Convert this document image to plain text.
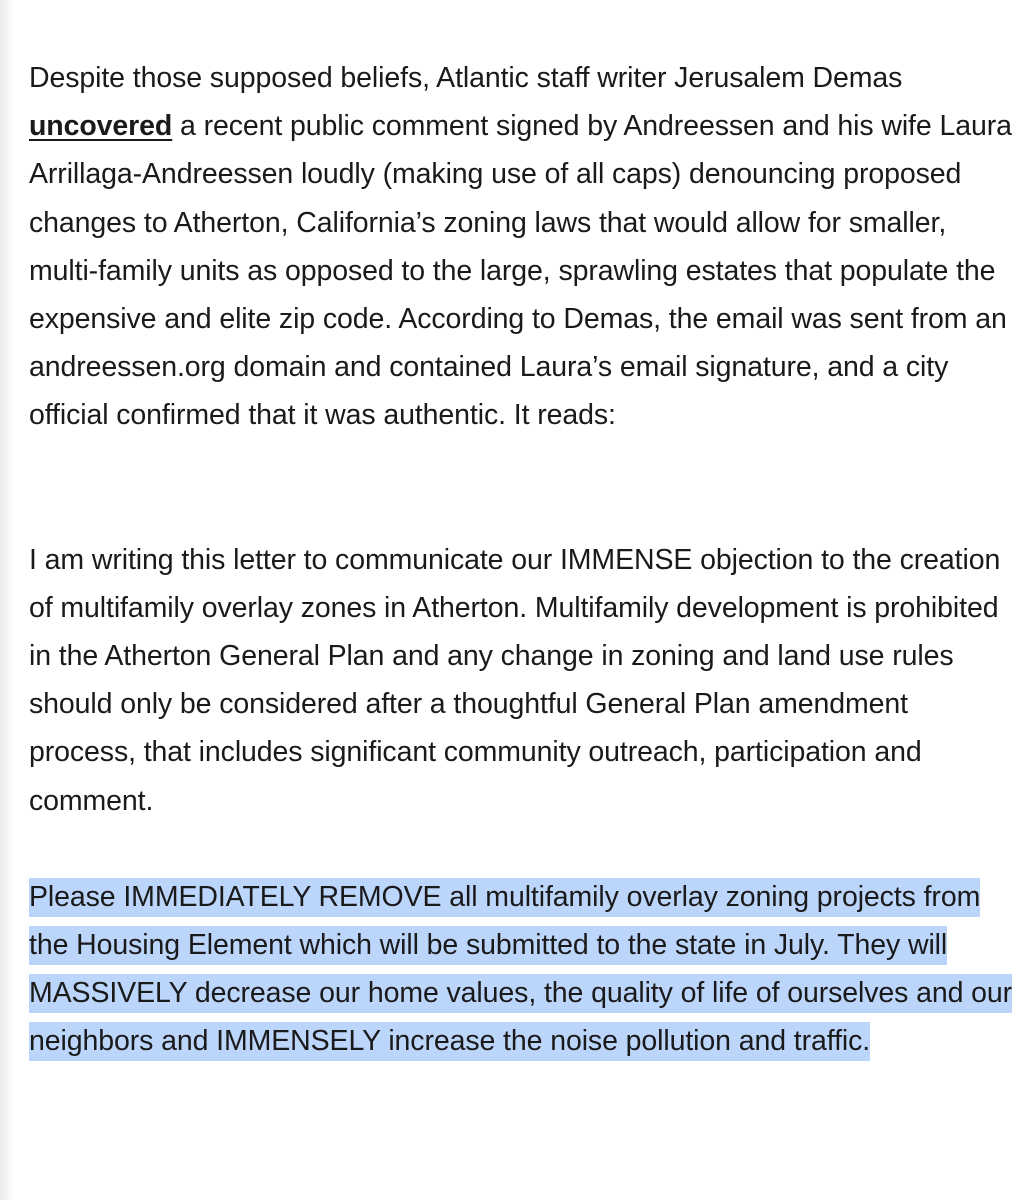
Despite those supposed beliefs, Atlantic staff writer Jerusalem Demas uncovered a recent public comment signed by Andreessen and his wife Laura Arrillaga-Andreessen loudly (making use of all caps) denouncing proposed changes to Atherton, California’s zoning laws that would allow for smaller, multi-family units as opposed to the large, sprawling estates that populate the expensive and elite zip code. According to Demas, the email was sent from an andreessen.org domain and contained Laura’s email signature, and a city official confirmed that it was authentic. It reads:

I am writing this letter to communicate our IMMENSE objection to the creation of multifamily overlay zones in Atherton. Multifamily development is prohibited in the Atherton General Plan and any change in zoning and land use rules should only be considered after a thoughtful General Plan amendment process, that includes significant community outreach, participation and comment.

Please IMMEDIATELY REMOVE all multifamily overlay zoning projects from the Housing Element which will be submitted to the state in July. They will MASSIVELY decrease our home values, the quality of life of ourselves and our neighbors and IMMENSELY increase the noise pollution and traffic.
